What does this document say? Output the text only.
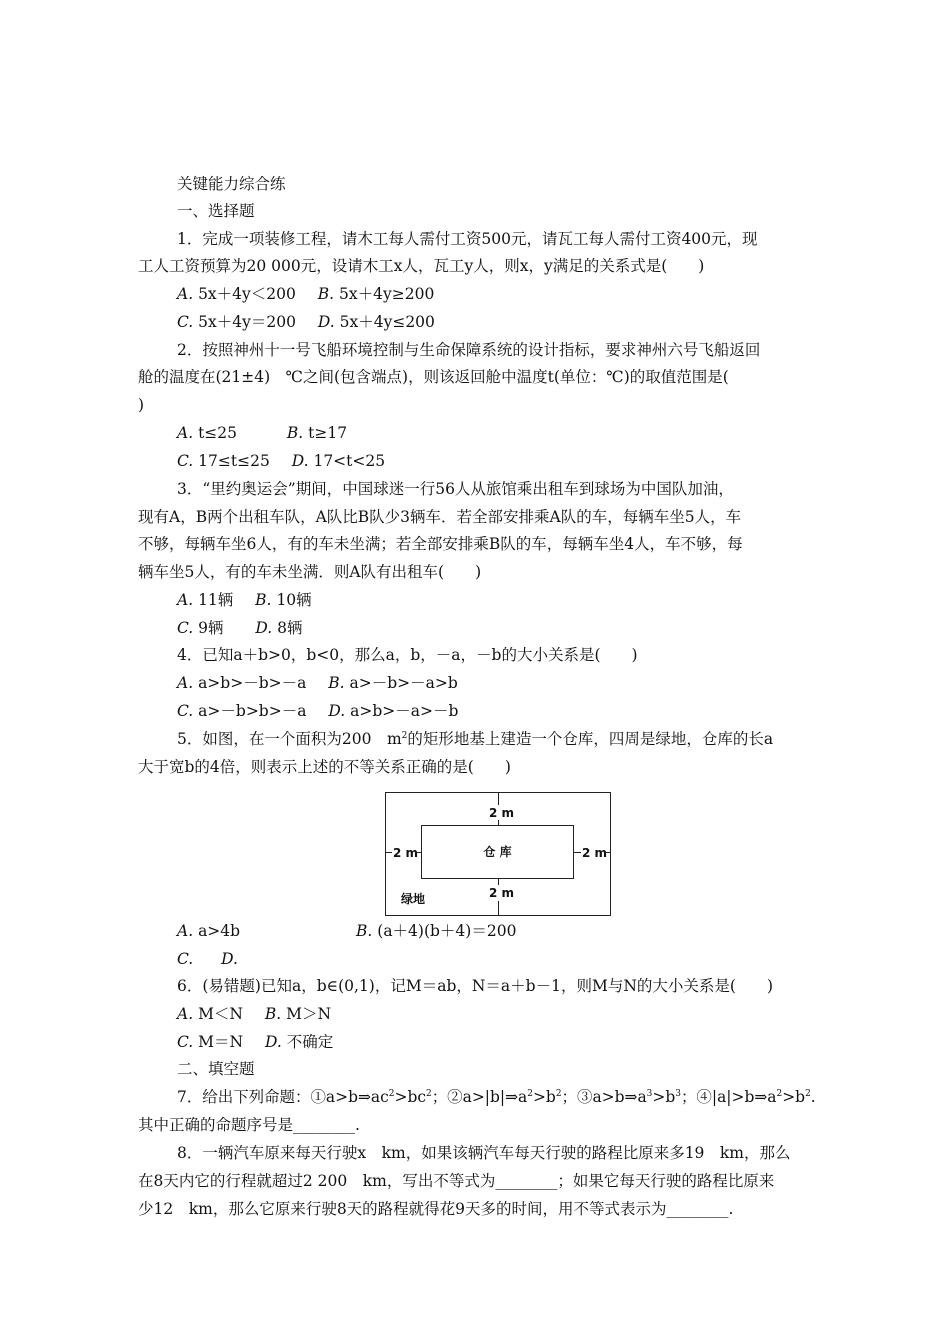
关键能力综合练
一、选择题
1．完成一项装修工程，请木工每人需付工资500元，请瓦工每人需付工资400元，现
工人工资预算为20 000元，设请木工x人，瓦工y人，则x，y满足的关系式是(　　)
A. 5x＋4y＜200 B. 5x＋4y≥200
C. 5x＋4y＝200 D. 5x＋4y≤200
2．按照神州十一号飞船环境控制与生命保障系统的设计指标，要求神州六号飞船返回
舱的温度在(21±4)　℃之间(包含端点)，则该返回舱中温度t(单位：℃)的取值范围是(
)
A. t≤25	B. t≥17
C. 17≤t≤25 D. 17<t<25
3．“里约奥运会”期间，中国球迷一行56人从旅馆乘出租车到球场为中国队加油，
现有A，B两个出租车队，A队比B队少3辆车．若全部安排乘A队的车，每辆车坐5人，车
不够，每辆车坐6人，有的车未坐满；若全部安排乘B队的车，每辆车坐4人，车不够，每
辆车坐5人，有的车未坐满．则A队有出租车(　　)
A. 11辆 B. 10辆
C. 9辆 D. 8辆
4．已知a＋b>0，b<0，那么a，b，－a，－b的大小关系是(　　)
A. a>b>－b>－a B. a>－b>－a>b
C. a>－b>b>－a D. a>b>－a>－b
5．如图，在一个面积为200　$m^2$的矩形地基上建造一个仓库，四周是绿地，仓库的长a
大于宽b的4倍，则表示上述的不等关系正确的是(　　)
2 m
2 m	仓 库	2 m
2 m
绿地
A. a>4b	B. (a＋4)(b＋4)＝200
C. D.
6．(易错题)已知a，b∈(0,1)，记M＝ab，N＝a＋b－1，则M与N的大小关系是(　　)
A. M＜N B. M＞N
C. M＝N D. 不确定
二、填空题
7．给出下列命题：$①a>b\Rightarrow ac^2>bc^2$；$②a>|b|\Rightarrow a^2>b^2$；$③a>b\Rightarrow a^3>b^3$；$④|a|>b\Rightarrow a^2>b^2$.
其中正确的命题序号是________.
8．一辆汽车原来每天行驶x　km，如果该辆汽车每天行驶的路程比原来多19　km，那么
在8天内它的行程就超过2 200　km，写出不等式为________；如果它每天行驶的路程比原来
少12　km，那么它原来行驶8天的路程就得花9天多的时间，用不等式表示为________.
